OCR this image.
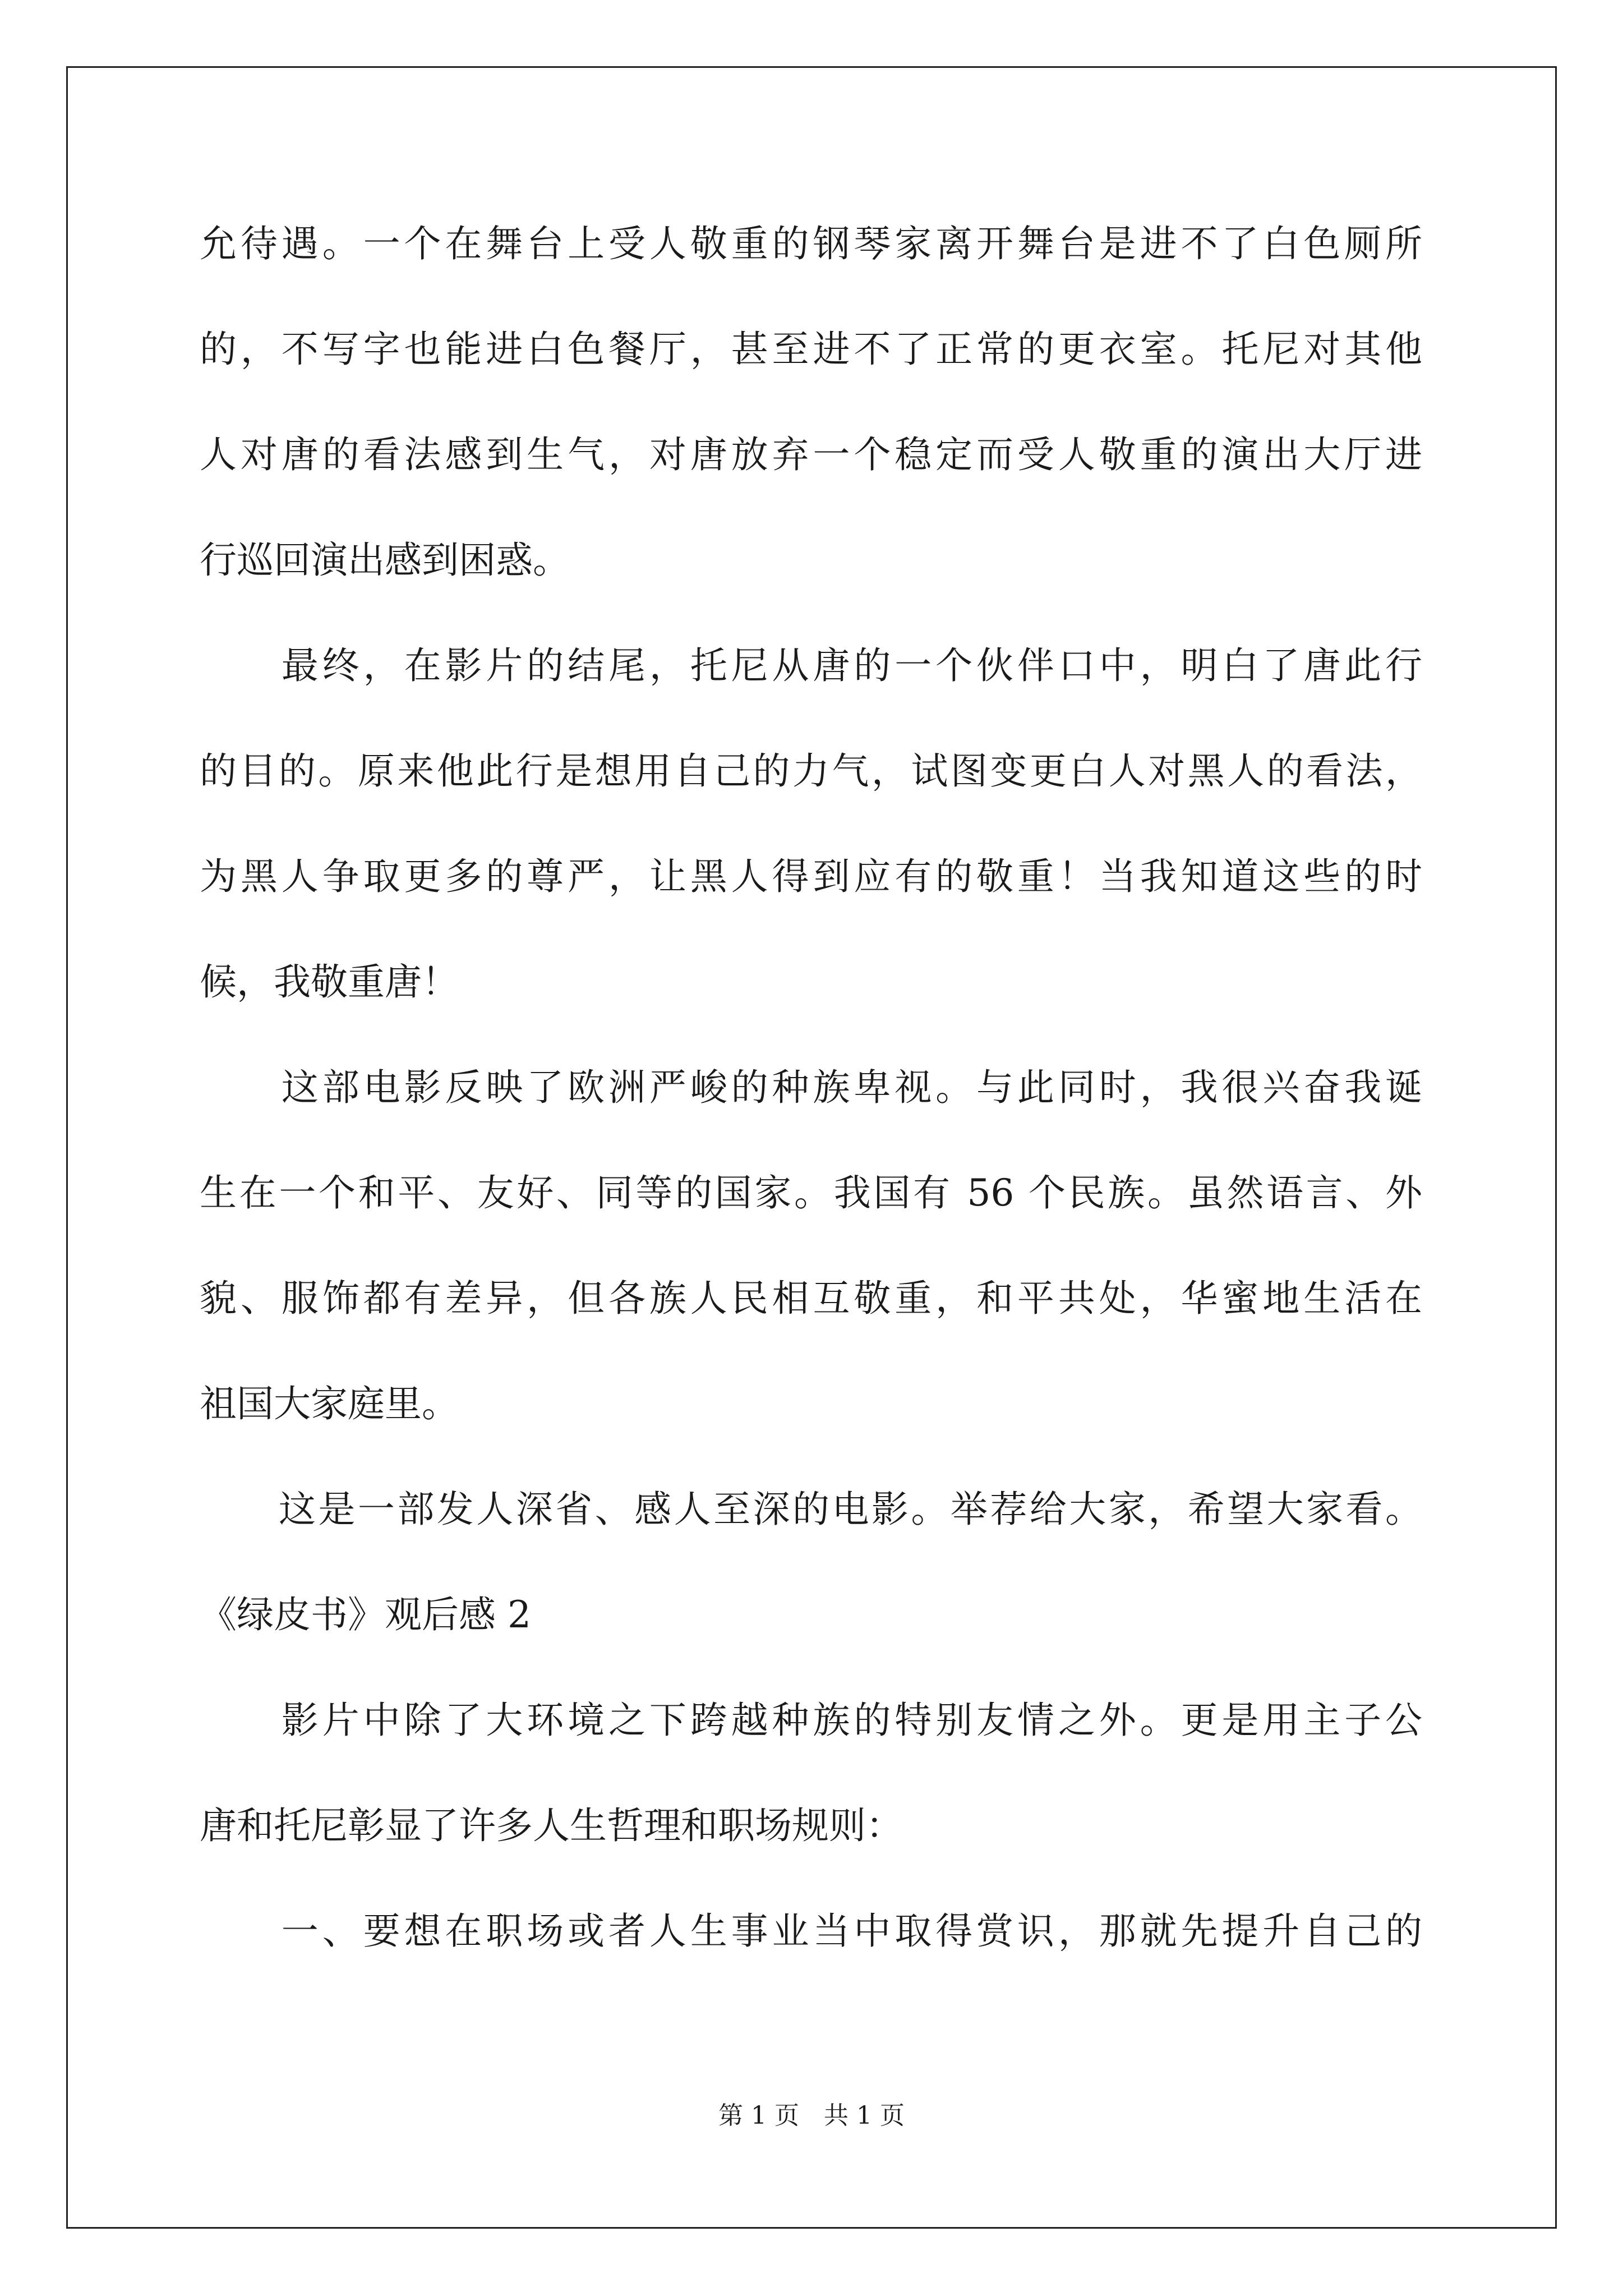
允待遇。一个在舞台上受人敬重的钢琴家离开舞台是进不了白色厕所
的，不写字也能进白色餐厅，甚至进不了正常的更衣室。托尼对其他
人对唐的看法感到生气，对唐放弃一个稳定而受人敬重的演出大厅进
行巡回演出感到困惑。
　　最终，在影片的结尾，托尼从唐的一个伙伴口中，明白了唐此行
的目的。原来他此行是想用自己的力气，试图变更白人对黑人的看法，
为黑人争取更多的尊严，让黑人得到应有的敬重！当我知道这些的时
候，我敬重唐！
　　这部电影反映了欧洲严峻的种族卑视。与此同时，我很兴奋我诞
生在一个和平、友好、同等的国家。我国有 56 个民族。虽然语言、外
貌、服饰都有差异，但各族人民相互敬重，和平共处，华蜜地生活在
祖国大家庭里。
　　这是一部发人深省、感人至深的电影。举荐给大家，希望大家看。
《绿皮书》观后感 2
　　影片中除了大环境之下跨越种族的特别友情之外。更是用主子公
唐和托尼彰显了许多人生哲理和职场规则：
　　一、要想在职场或者人生事业当中取得赏识，那就先提升自己的
第 1 页　共 1 页
